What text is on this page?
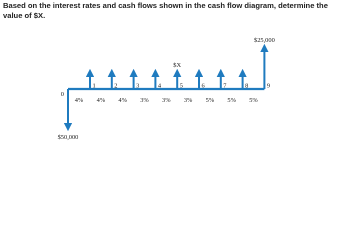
Based on the interest rates and cash flows shown in the cash flow diagram, determine the value of $X.

0
1	2	3	4	5	6	7	8	9
4% 4% 4% 3% 3% 3% 5% 5% 5%
$X
$25,000
$50,000
